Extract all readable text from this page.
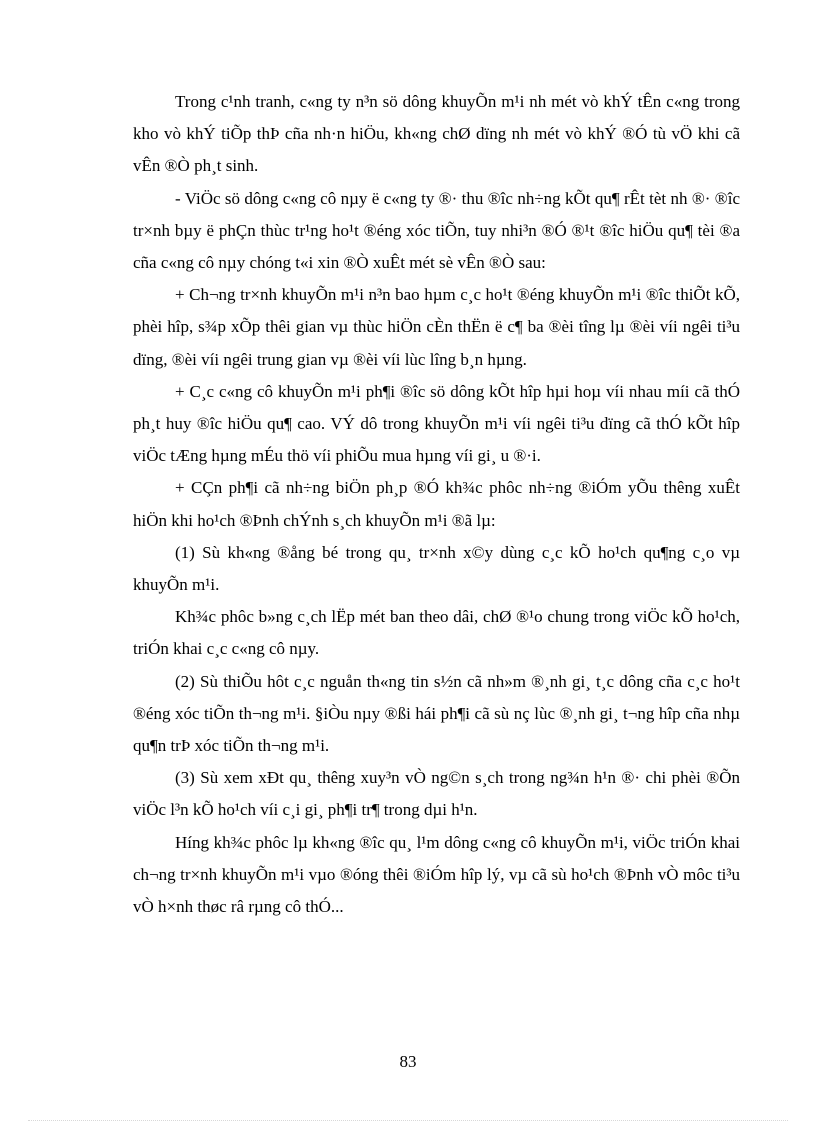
Trong c¹nh tranh, c«ng ty n³n sö dông khuyÕn m¹i nh mét vò khÝ tÊn c«ng trong kho vò khÝ tiÕp thÞ cña nh·n hiÖu, kh«ng chØ dïng nh mét vò khÝ ®Ó tù vÖ khi cã vÊn ®Ò ph¸t sinh.

- ViÖc sö dông c«ng cô nµy ë c«ng ty ®· thu ®îc nh÷ng kÕt qu¶ rÊt tèt nh ®· ®îc tr×nh bµy ë phÇn thùc tr¹ng ho¹t ®éng xóc tiÕn, tuy nhi³n ®Ó ®¹t ®îc hiÖu qu¶ tèi ®a cña c«ng cô nµy chóng t«i xin ®Ò xuÊt mét sè vÊn ®Ò sau:

+ Ch¬ng tr×nh khuyÕn m¹i n³n bao hµm c¸c ho¹t ®éng khuyÕn m¹i ®îc thiÕt kÕ, phèi hîp, s¾p xÕp thêi gian vµ thùc hiÖn cÈn thËn ë c¶ ba ®èi tîng lµ ®èi víi ngêi ti³u dïng, ®èi víi ngêi trung gian vµ ®èi víi lùc lîng b¸n hµng.

+ C¸c c«ng cô khuyÕn m¹i ph¶i ®îc sö dông kÕt hîp hµi hoµ víi nhau míi cã thÓ ph¸t huy ®îc hiÖu qu¶ cao. VÝ dô trong khuyÕn m¹i víi ngêi ti³u dïng cã thÓ kÕt hîp viÖc tÆng hµng mÉu thö víi phiÕu mua hµng víi gi¸ u ®·i.

+ CÇn ph¶i cã nh÷ng biÖn ph¸p ®Ó kh¾c phôc nh÷ng ®iÓm yÕu thêng xuÊt hiÖn khi ho¹ch ®Þnh chÝnh s¸ch khuyÕn m¹i ®ã lµ:

(1) Sù kh«ng ®ång bé trong qu¸ tr×nh x©y dùng c¸c kÕ ho¹ch qu¶ng c¸o vµ khuyÕn m¹i.

Kh¾c phôc b»ng c¸ch lËp mét ban theo dâi, chØ ®¹o chung trong viÖc kÕ ho¹ch, triÓn khai c¸c c«ng cô nµy.

(2) Sù thiÕu hôt c¸c nguån th«ng tin s½n cã nh»m ®¸nh gi¸ t¸c dông cña c¸c ho¹t ®éng xóc tiÕn th¬ng m¹i. §iÒu nµy ®ßi hái ph¶i cã sù nç lùc ®¸nh gi¸ t¬ng hîp cña nhµ qu¶n trÞ xóc tiÕn th¬ng m¹i.

(3) Sù xem xÐt qu¸ thêng xuy³n vÒ ng©n s¸ch trong ng¾n h¹n ®· chi phèi ®Õn viÖc l³n kÕ ho¹ch víi c¸i gi¸ ph¶i tr¶ trong dµi h¹n.

Híng kh¾c phôc lµ kh«ng ®îc qu¸ l¹m dông c«ng cô khuyÕn m¹i, viÖc triÓn khai ch¬ng tr×nh khuyÕn m¹i vµo ®óng thêi ®iÓm hîp lý, vµ cã sù ho¹ch ®Þnh vÒ môc ti³u vÒ h×nh thøc râ rµng cô thÓ...

83
